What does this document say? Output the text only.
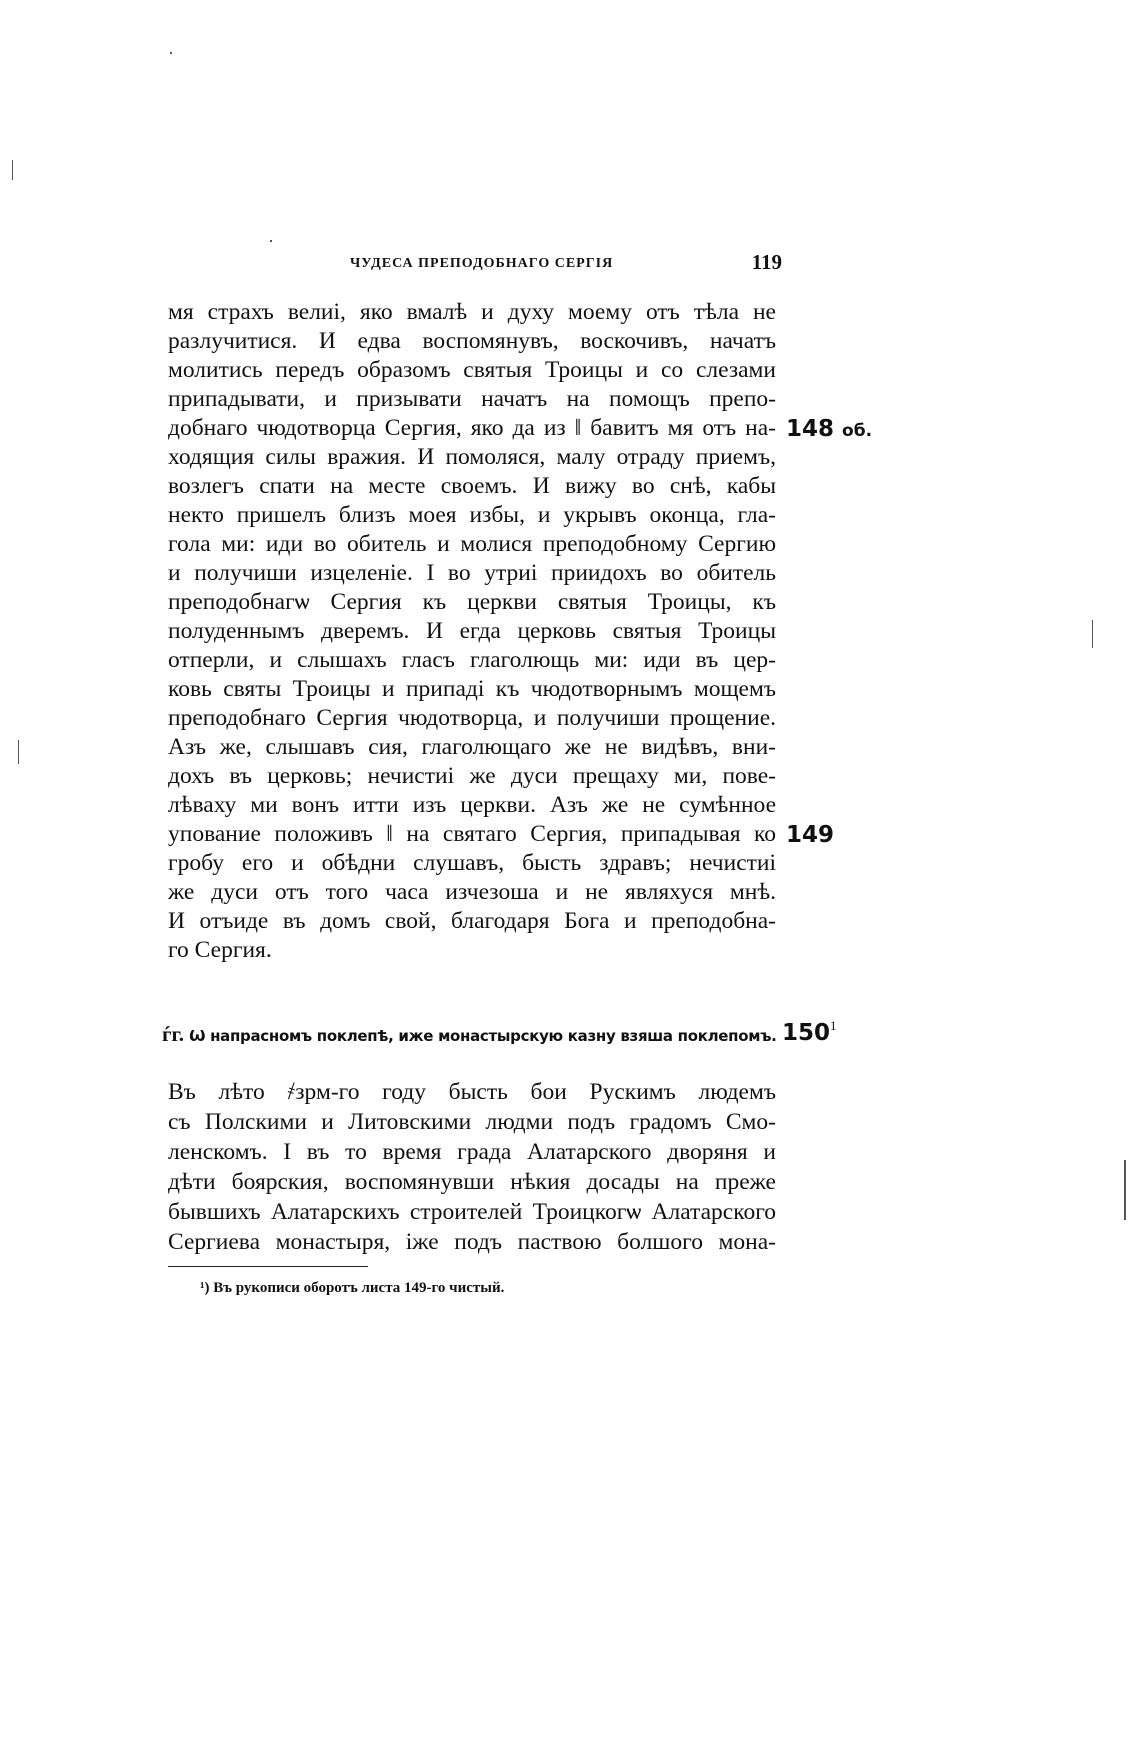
ЧУДЕСА ПРЕПОДОБНАГО СЕРГІЯ	119
мя страхъ велиі, яко вмалѣ и духу моему отъ тѣла не
разлучитися. И едва воспомянувъ, воскочивъ, начатъ
молитись передъ образомъ святыя Троицы и со слезами
припадывати, и призывати начатъ на помощъ препо-
добнаго чюдотворца Сергия, яко да из ‖ бавитъ мя отъ на-
ходящия силы вражия. И помоляся, малу отраду приемъ,
возлегъ спати на месте своемъ. И вижу во снѣ, кабы
некто пришелъ близъ моея избы, и укрывъ оконца, гла-
гола ми: иди во обитель и молися преподобному Сергию
и получиши изцеленіе. І во утриі приидохъ во обитель
преподобнагѡ Сергия къ церкви святыя Троицы, къ
полуденнымъ дверемъ. И егда церковь святыя Троицы
отперли, и слышахъ гласъ глаголющь ми: иди въ цер-
ковь святы Троицы и припадi къ чюдотворнымъ мощемъ
преподобнаго Сергия чюдотворца, и получиши прощение.
Азъ же, слышавъ сия, глаголющаго же не видѣвъ, вни-
дохъ въ церковь; нечистиі же дуси прещаху ми, пове-
лѣваху ми вонъ итти изъ церкви. Азъ же не сумѣнное
упование положивъ ‖ на святаго Сергия, припадывая ко
гробу его и обѣдни слушавъ, бысть здравъ; нечистиі
же дуси отъ того часа изчезоша и не являхуся мнѣ.
И отъиде въ домъ свой, благодаря Бога и преподобна-
го Сергия.
148 об.
149
ѓг. Ѡ напрасномъ поклепѣ, иже монастырскую казну взяша поклепомъ. 150 1
Въ лѣто ҂зрм-го году бысть бои Рускимъ людемъ
съ Полскими и Литовскими людми подъ градомъ Смо-
ленскомъ. І въ то время града Алатарского дворяня и
дѣти боярския, воспомянувши нѣкия досады на преже
бывшихъ Алатарскихъ строителей Троицкогѡ Алатарского
Сергиева монастыря, іже подъ паствою болшого мона-
¹) Въ рукописи оборотъ листа 149-го чистый.
